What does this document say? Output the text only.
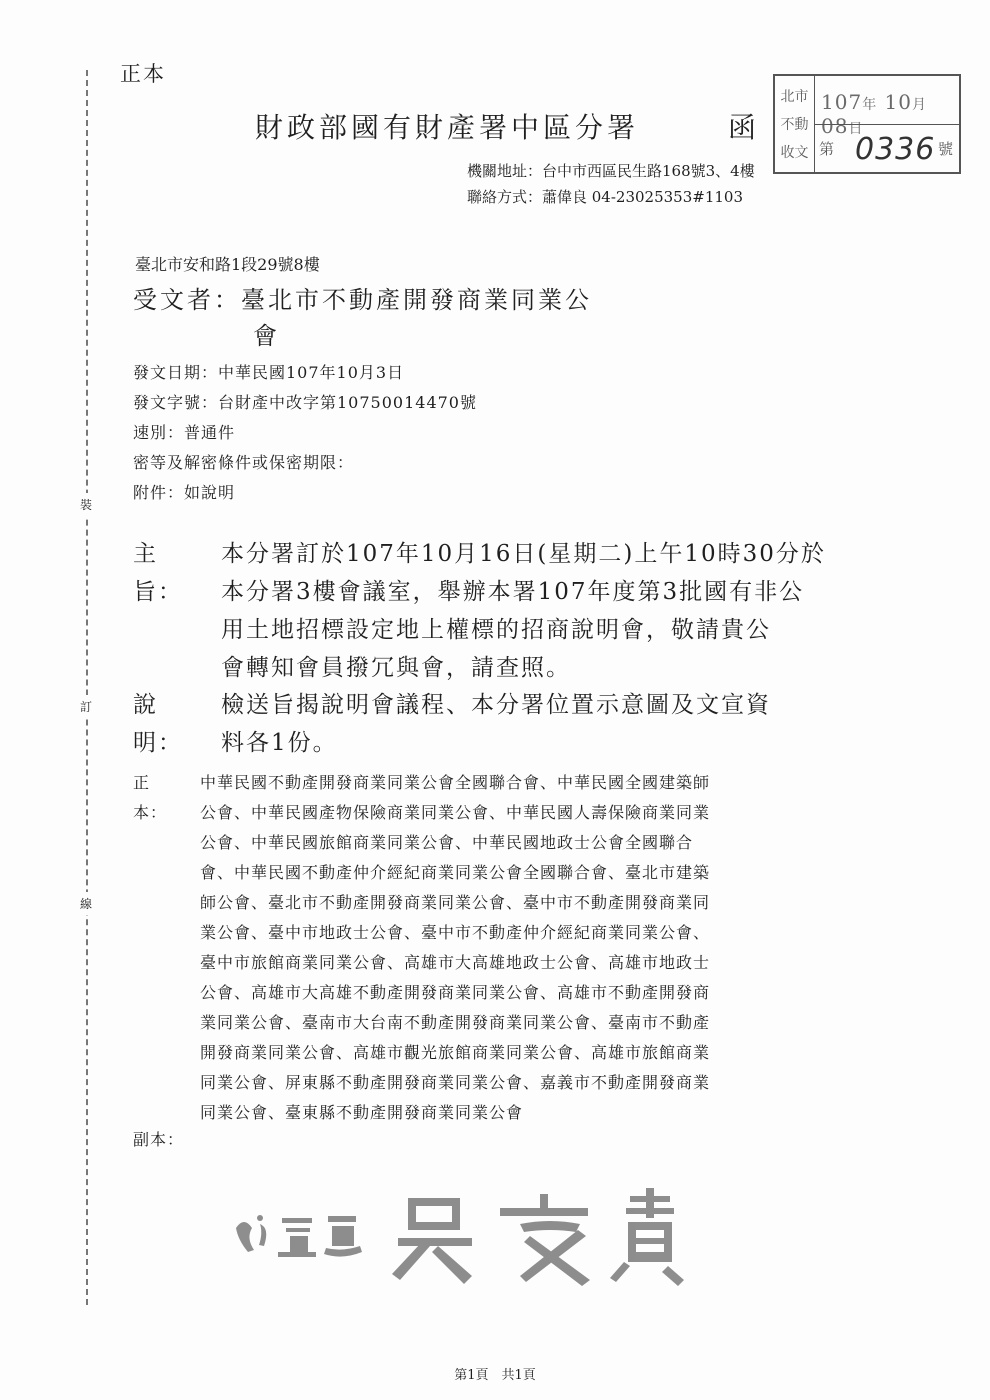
正本
裝
訂
線
財政部國有財產署中區分署	函
機關地址：台中市西區民生路168號3、4樓
聯絡方式：蕭偉良 04-23025353#1103
北市
不動
收文
107年 10月 08日
第 0336 號
臺北市安和路1段29號8樓
受文者：臺北市不動產開發商業同業公
會
發文日期：中華民國107年10月3日
發文字號：台財產中改字第10750014470號
速別：普通件
密等及解密條件或保密期限：
附件：如說明
主旨：
本分署訂於107年10月16日(星期二)上午10時30分於
本分署3樓會議室，舉辦本署107年度第3批國有非公
用土地招標設定地上權標的招商說明會，敬請貴公
會轉知會員撥冗與會，請查照。
說明：
檢送旨揭說明會議程、本分署位置示意圖及文宣資
料各1份。
正本：
中華民國不動產開發商業同業公會全國聯合會、中華民國全國建築師
公會、中華民國產物保險商業同業公會、中華民國人壽保險商業同業
公會、中華民國旅館商業同業公會、中華民國地政士公會全國聯合
會、中華民國不動產仲介經紀商業同業公會全國聯合會、臺北市建築
師公會、臺北市不動產開發商業同業公會、臺中市不動產開發商業同
業公會、臺中市地政士公會、臺中市不動產仲介經紀商業同業公會、
臺中市旅館商業同業公會、高雄市大高雄地政士公會、高雄市地政士
公會、高雄市大高雄不動產開發商業同業公會、高雄市不動產開發商
業同業公會、臺南市大台南不動產開發商業同業公會、臺南市不動產
開發商業同業公會、高雄市觀光旅館商業同業公會、高雄市旅館商業
同業公會、屏東縣不動產開發商業同業公會、嘉義市不動產開發商業
同業公會、臺東縣不動產開發商業同業公會
副本：
第1頁　共1頁
